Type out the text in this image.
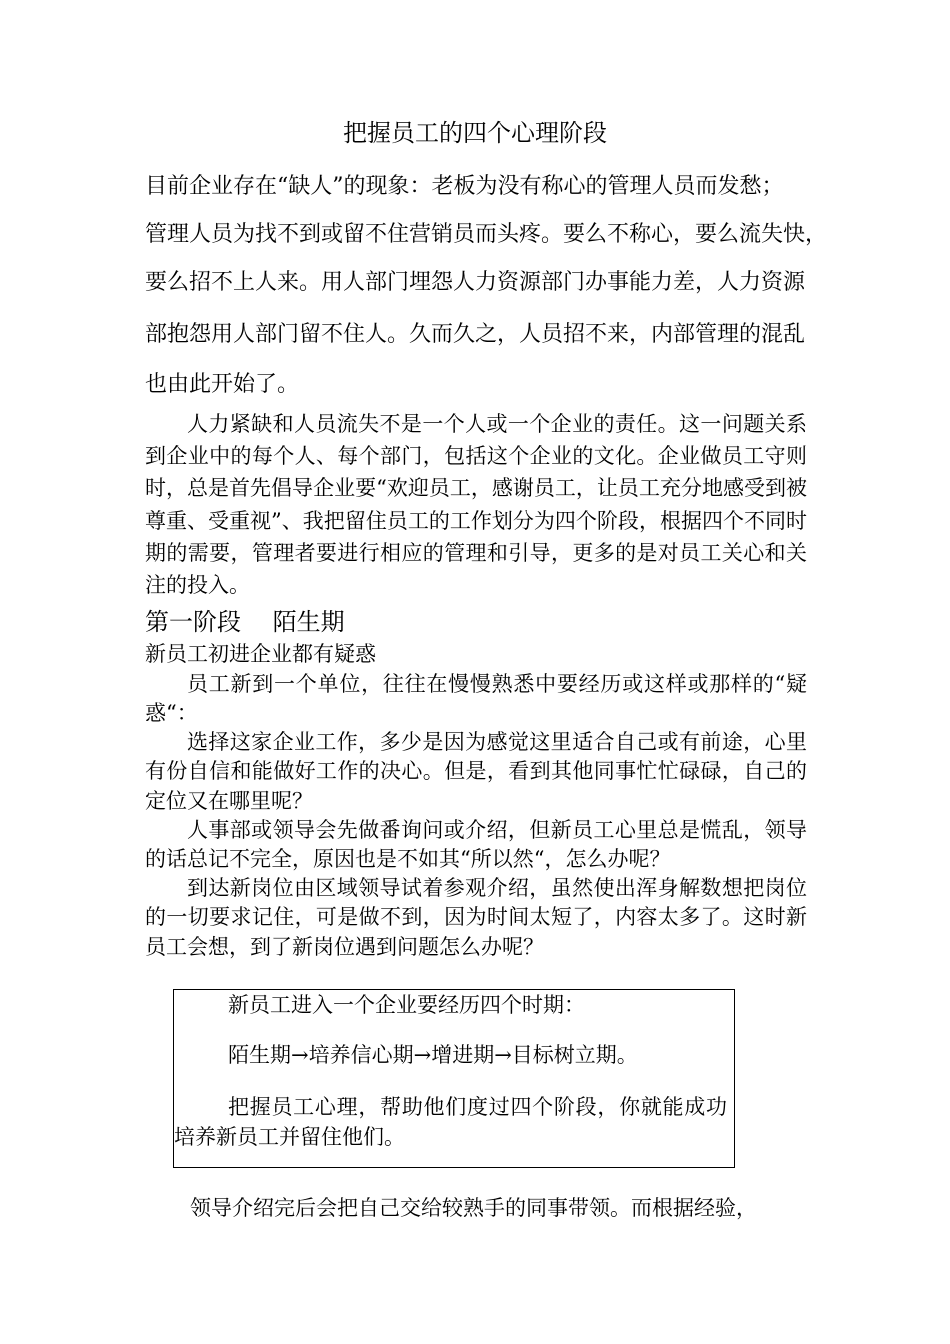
把握员工的四个心理阶段

目前企业存在“缺人”的现象：老板为没有称心的管理人员而发愁；

管理人员为找不到或留不住营销员而头疼。要么不称心，要么流失快，

要么招不上人来。用人部门埋怨人力资源部门办事能力差，人力资源

部抱怨用人部门留不住人。久而久之，人员招不来，内部管理的混乱

也由此开始了。

人力紧缺和人员流失不是一个人或一个企业的责任。这一问题关系到企业中的每个人、每个部门，包括这个企业的文化。企业做员工守则时，总是首先倡导企业要“欢迎员工，感谢员工，让员工充分地感受到被尊重、受重视”、我把留住员工的工作划分为四个阶段，根据四个不同时期的需要，管理者要进行相应的管理和引导，更多的是对员工关心和关注的投入。

第一阶段　 陌生期

新员工初进企业都有疑惑

员工新到一个单位，往往在慢慢熟悉中要经历或这样或那样的“疑惑“：

选择这家企业工作，多少是因为感觉这里适合自己或有前途，心里有份自信和能做好工作的决心。但是，看到其他同事忙忙碌碌，自己的定位又在哪里呢？

人事部或领导会先做番询问或介绍，但新员工心里总是慌乱，领导的话总记不完全，原因也是不如其“所以然“，怎么办呢？

到达新岗位由区域领导试着参观介绍，虽然使出浑身解数想把岗位的一切要求记住，可是做不到，因为时间太短了，内容太多了。这时新员工会想，到了新岗位遇到问题怎么办呢？

新员工进入一个企业要经历四个时期：

陌生期→培养信心期→增进期→目标树立期。

把握员工心理，帮助他们度过四个阶段，你就能成功培养新员工并留住他们。

领导介绍完后会把自己交给较熟手的同事带领。而根据经验，
